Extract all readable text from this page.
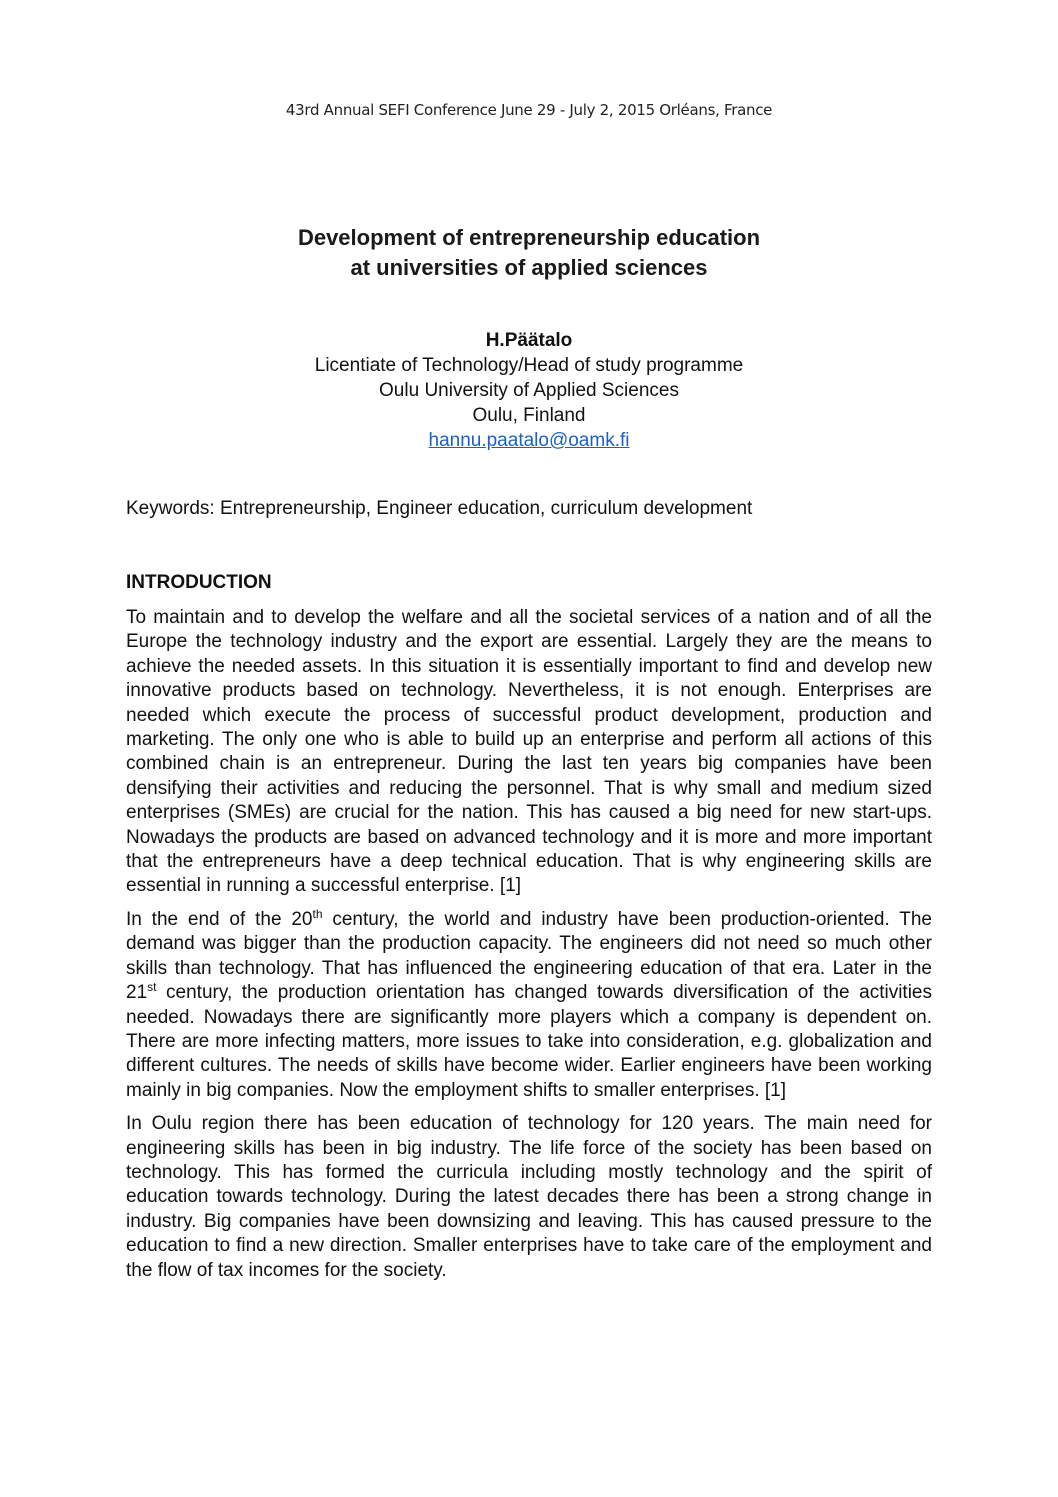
43rd Annual SEFI Conference June 29 - July 2, 2015 Orléans, France
Development of entrepreneurship education
at universities of applied sciences
H.Päätalo
Licentiate of Technology/Head of study programme
Oulu University of Applied Sciences
Oulu, Finland
hannu.paatalo@oamk.fi
Keywords: Entrepreneurship, Engineer education, curriculum development
INTRODUCTION

To maintain and to develop the welfare and all the societal services of a nation and of all the Europe the technology industry and the export are essential. Largely they are the means to achieve the needed assets. In this situation it is essentially important to find and develop new innovative products based on technology. Nevertheless, it is not enough. Enterprises are needed which execute the process of successful product development, production and marketing. The only one who is able to build up an enterprise and perform all actions of this combined chain is an entrepreneur. During the last ten years big companies have been densifying their activities and reducing the personnel. That is why small and medium sized enterprises (SMEs) are crucial for the nation. This has caused a big need for new start-ups. Nowadays the products are based on advanced technology and it is more and more important that the entrepreneurs have a deep technical education. That is why engineering skills are essential in running a successful enterprise. [1]

In the end of the 20th century, the world and industry have been production-oriented. The demand was bigger than the production capacity. The engineers did not need so much other skills than technology. That has influenced the engineering education of that era. Later in the 21st century, the production orientation has changed towards diversification of the activities needed. Nowadays there are significantly more players which a company is dependent on. There are more infecting matters, more issues to take into consideration, e.g. globalization and different cultures. The needs of skills have become wider. Earlier engineers have been working mainly in big companies. Now the employment shifts to smaller enterprises. [1]

In Oulu region there has been education of technology for 120 years. The main need for engineering skills has been in big industry. The life force of the society has been based on technology. This has formed the curricula including mostly technology and the spirit of education towards technology. During the latest decades there has been a strong change in industry. Big companies have been downsizing and leaving. This has caused pressure to the education to find a new direction. Smaller enterprises have to take care of the employment and the flow of tax incomes for the society.
